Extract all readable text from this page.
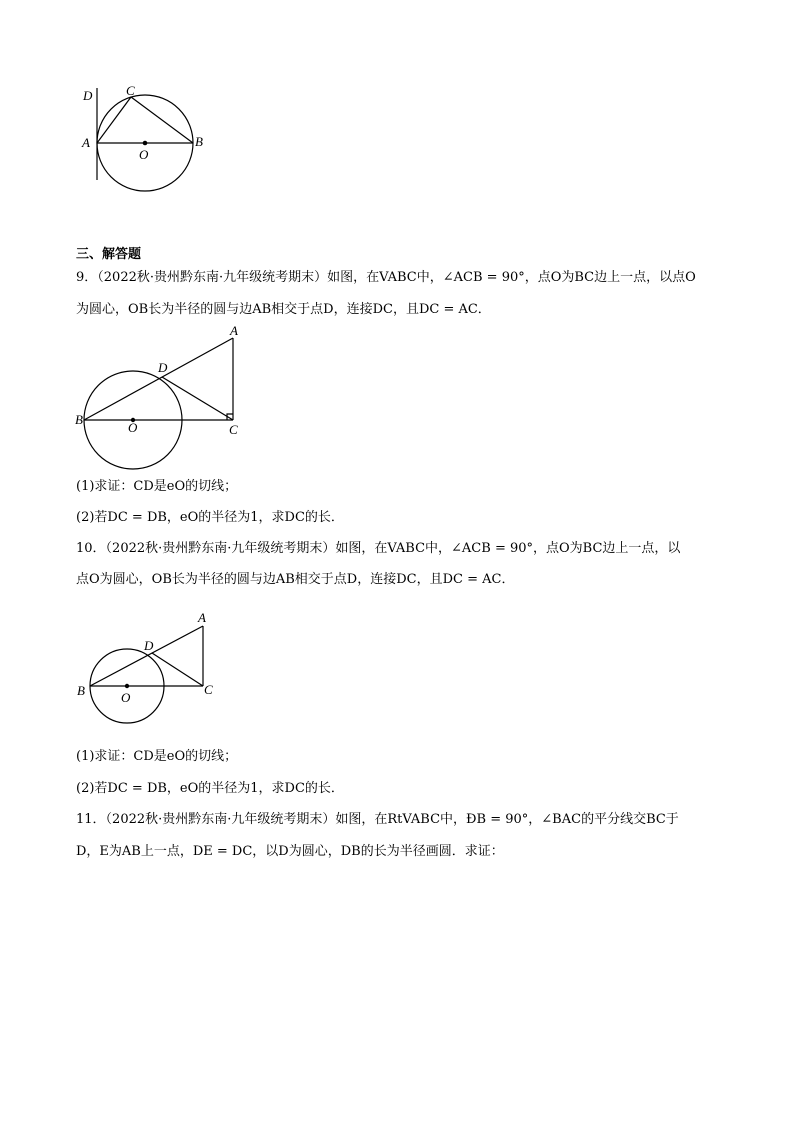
D	C
A
O
B
三、解答题
9．（2022秋·贵州黔东南·九年级统考期末）如图，在VABC中，∠ACB = 90°，点O为BC边上一点，以点O
为圆心，OB长为半径的圆与边AB相交于点D，连接DC，且DC = AC．
A
D
B
O	C
(1)求证：CD是eO的切线；
(2)若DC = DB，eO的半径为1，求DC的长．
10．（2022秋·贵州黔东南·九年级统考期末）如图，在VABC中，∠ACB = 90°，点O为BC边上一点，以
点O为圆心，OB长为半径的圆与边AB相交于点D，连接DC，且DC = AC．
A
D
B	O
C
(1)求证：CD是eO的切线；
(2)若DC = DB，eO的半径为1，求DC的长．
11．（2022秋·贵州黔东南·九年级统考期末）如图，在RtVABC中，ÐB = 90°，∠BAC的平分线交BC于
D，E为AB上一点，DE = DC，以D为圆心，DB的长为半径画圆．求证：
